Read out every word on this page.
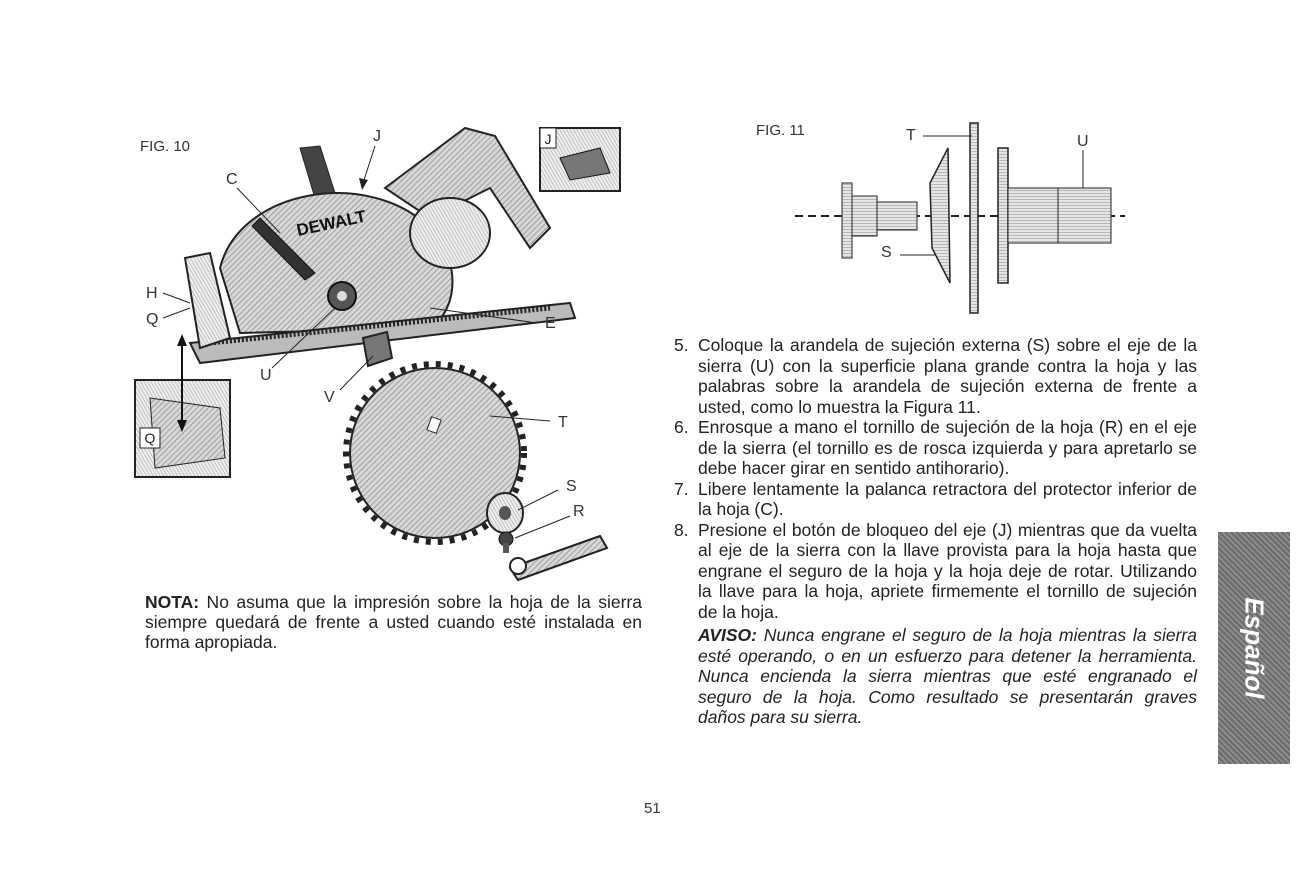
FIG. 10
DEWALT
J
Q
J
C
H
Q	E
U
V
T
S
R
FIG. 11	T	U
S

NOTA: No asuma que la impresión sobre la hoja de la sierra siempre quedará de frente a usted cuando esté instalada en forma apropiada.

5. Coloque la arandela de sujeción externa (S) sobre el eje de la sierra (U) con la superficie plana grande contra la hoja y las palabras sobre la arandela de sujeción externa de frente a usted, como lo muestra la Figura 11.
6. Enrosque a mano el tornillo de sujeción de la hoja (R) en el eje de la sierra (el tornillo es de rosca izquierda y para apretarlo se debe hacer girar en sentido antihorario).
7. Libere lentamente la palanca retractora del protector inferior de la hoja (C).
8. Presione el botón de bloqueo del eje (J) mientras que da vuelta al eje de la sierra con la llave provista para la hoja hasta que engrane el seguro de la hoja y la hoja deje de rotar. Utilizando la llave para la hoja, apriete firmemente el tornillo de sujeción de la hoja.

AVISO: Nunca engrane el seguro de la hoja mientras la sierra esté operando, o en un esfuerzo para detener la herramienta. Nunca encienda la sierra mientras que esté engranado el seguro de la hoja. Como resultado se presentarán graves daños para su sierra.

Español
51
